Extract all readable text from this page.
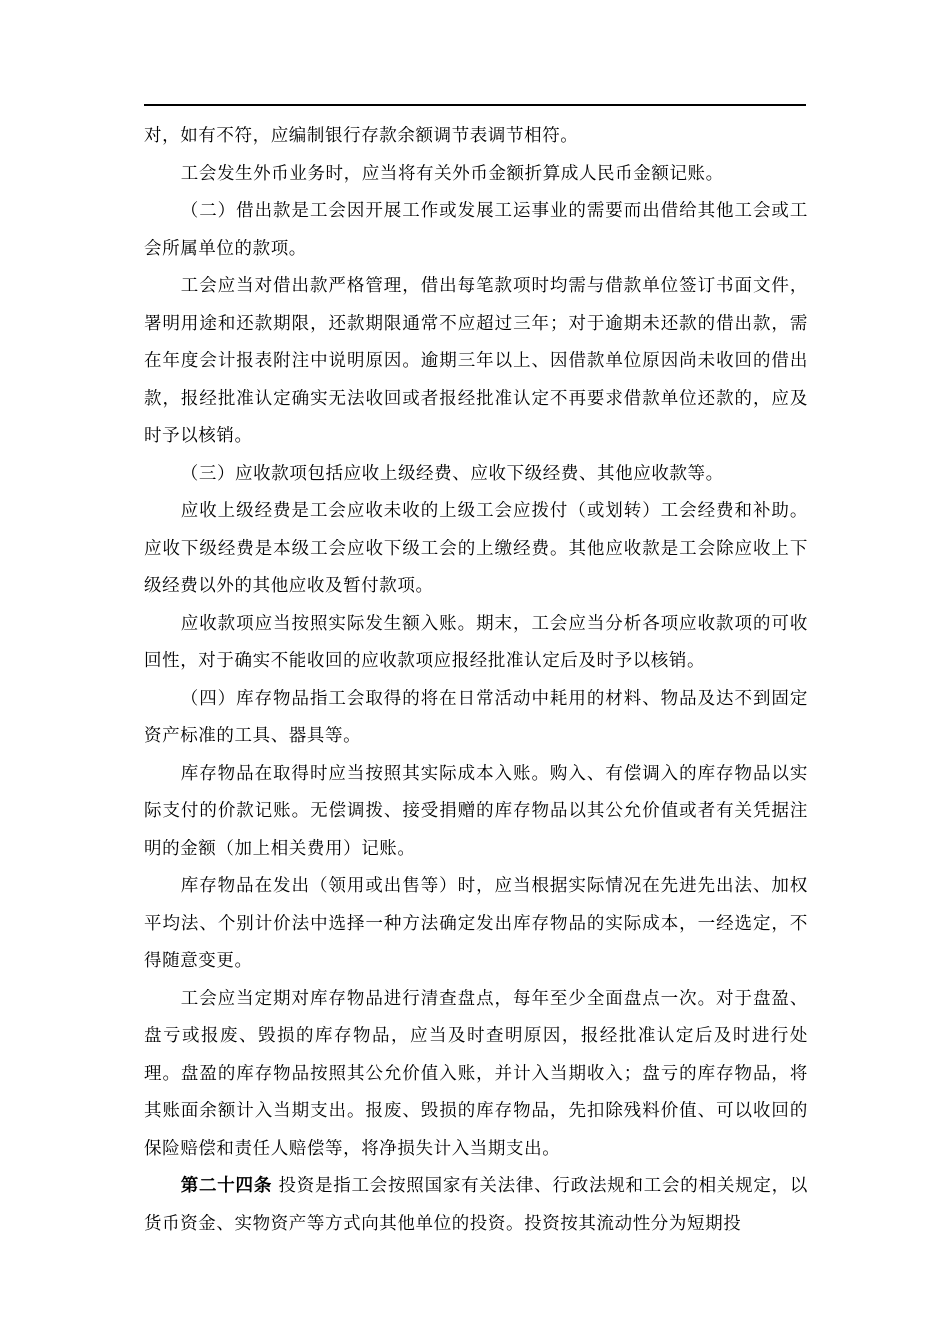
对，如有不符，应编制银行存款余额调节表调节相符。

工会发生外币业务时，应当将有关外币金额折算成人民币金额记账。

（二）借出款是工会因开展工作或发展工运事业的需要而出借给其他工会或工会所属单位的款项。

工会应当对借出款严格管理，借出每笔款项时均需与借款单位签订书面文件，署明用途和还款期限，还款期限通常不应超过三年；对于逾期未还款的借出款，需在年度会计报表附注中说明原因。逾期三年以上、因借款单位原因尚未收回的借出款，报经批准认定确实无法收回或者报经批准认定不再要求借款单位还款的，应及时予以核销。

（三）应收款项包括应收上级经费、应收下级经费、其他应收款等。

应收上级经费是工会应收未收的上级工会应拨付（或划转）工会经费和补助。应收下级经费是本级工会应收下级工会的上缴经费。其他应收款是工会除应收上下级经费以外的其他应收及暂付款项。

应收款项应当按照实际发生额入账。期末，工会应当分析各项应收款项的可收回性，对于确实不能收回的应收款项应报经批准认定后及时予以核销。

（四）库存物品指工会取得的将在日常活动中耗用的材料、物品及达不到固定资产标准的工具、器具等。

库存物品在取得时应当按照其实际成本入账。购入、有偿调入的库存物品以实际支付的价款记账。无偿调拨、接受捐赠的库存物品以其公允价值或者有关凭据注明的金额（加上相关费用）记账。

库存物品在发出（领用或出售等）时，应当根据实际情况在先进先出法、加权平均法、个别计价法中选择一种方法确定发出库存物品的实际成本，一经选定，不得随意变更。

工会应当定期对库存物品进行清查盘点，每年至少全面盘点一次。对于盘盈、盘亏或报废、毁损的库存物品，应当及时查明原因，报经批准认定后及时进行处理。盘盈的库存物品按照其公允价值入账，并计入当期收入；盘亏的库存物品，将其账面余额计入当期支出。报废、毁损的库存物品，先扣除残料价值、可以收回的保险赔偿和责任人赔偿等，将净损失计入当期支出。

第二十四条 投资是指工会按照国家有关法律、行政法规和工会的相关规定，以货币资金、实物资产等方式向其他单位的投资。投资按其流动性分为短期投
